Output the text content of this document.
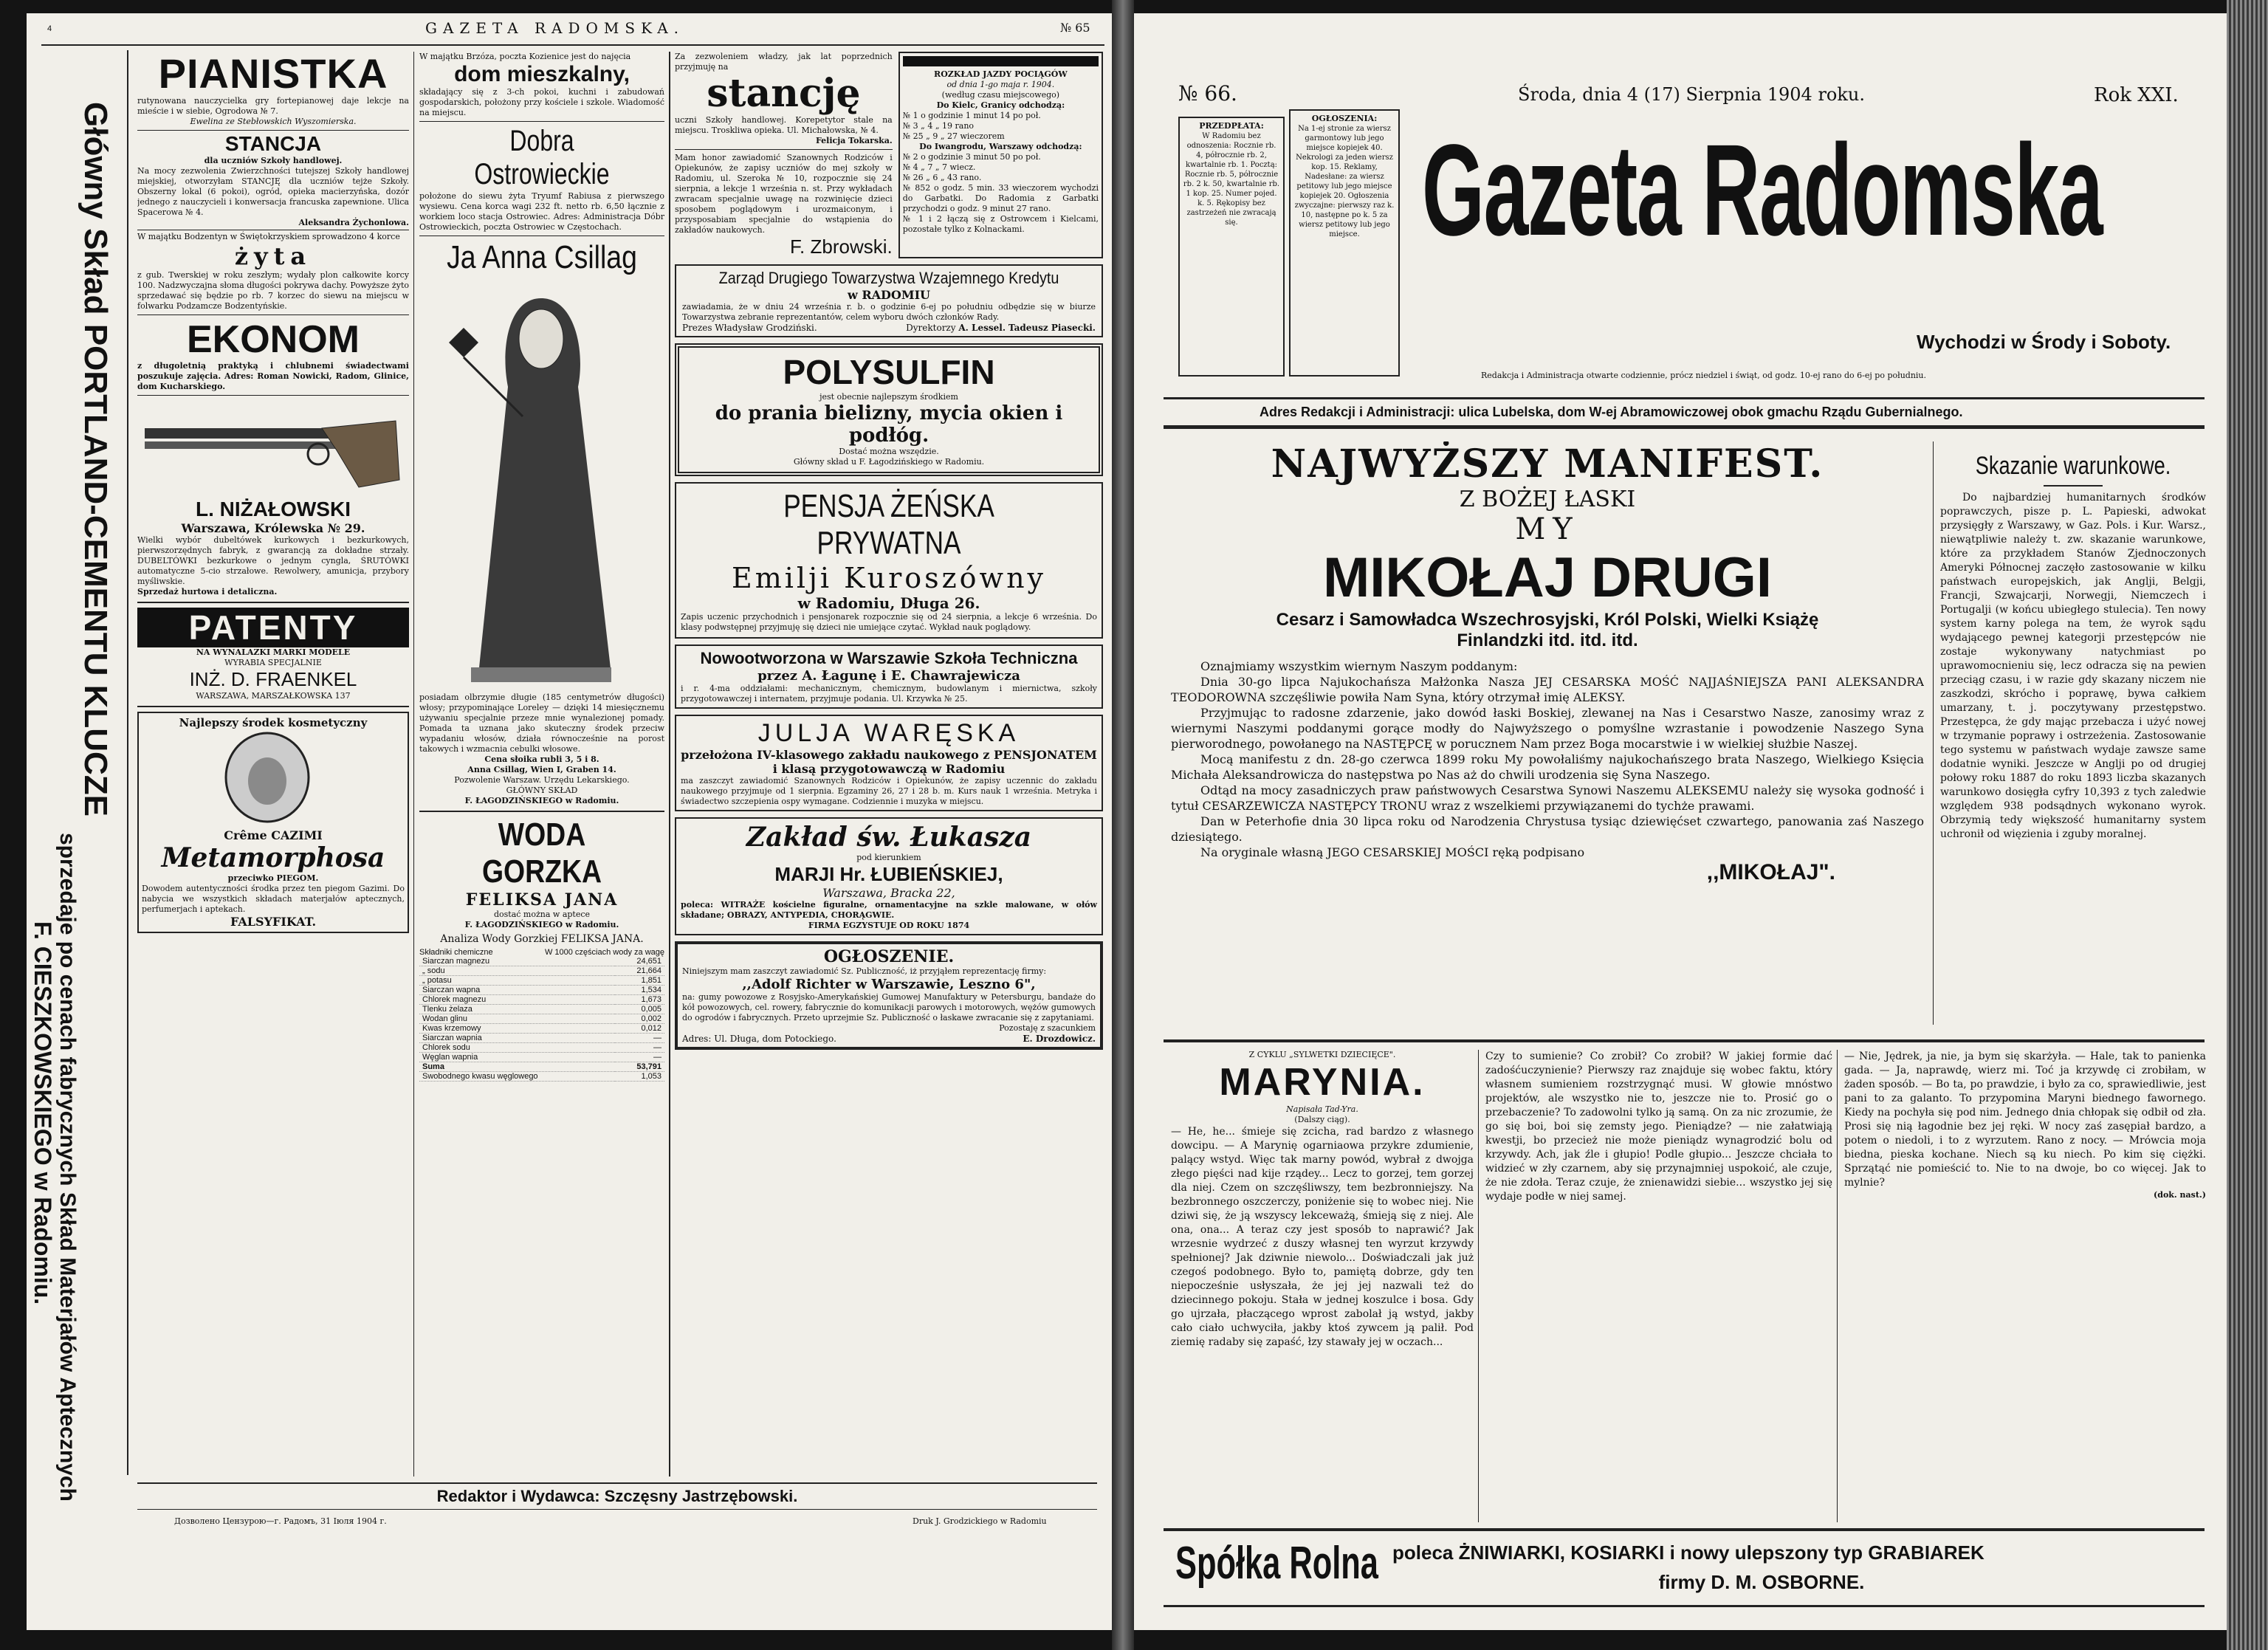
4	GAZETA RADOMSKA.	№ 65
Główny Skład PORTLAND-CEMENTU KLUCZE
sprzedaje po cenach fabrycznych Skład Materjałów Aptecznych
F. CIESZKOWSKIEGO w Radomiu.
PIANISTKA

rutynowana nauczycielka gry fortepianowej daje lekcje na mieście i w siebie, Ogrodowa № 7.

Ewelina ze Stebłowskich Wyszomierska.
STANCJA
dla uczniów Szkoły handlowej.

Na mocy zezwolenia Zwierzchności tutejszej Szkoły handlowej miejskiej, otworzyłam STANCJĘ dla uczniów tejże Szkoły. Obszerny lokal (6 pokoi), ogród, opieka macierzyńska, dozór jednego z nauczycieli i konwersacja francuska zapewnione. Ulica Spacerowa № 4.

Aleksandra Żychonlowa.

W majątku Bodzentyn w Świętokrzyskiem sprowadzono 4 korce

żyta

z gub. Twerskiej w roku zeszłym; wydały plon całkowite korcy 100. Nadzwyczajna słoma długości pokrywa dachy. Powyższe żyto sprzedawać się będzie po rb. 7 korzec do siewu na miejscu w folwarku Podzamcze Bodzentyńskie.

EKONOM

z długoletnią praktyką i chlubnemi świadectwami poszukuje zajęcia. Adres: Roman Nowicki, Radom, Glinice, dom Kucharskiego.

L. NIŻAŁOWSKI
Warszawa, Królewska № 29.

Wielki wybór dubeltówek kurkowych i bezkurkowych, pierwszorzędnych fabryk, z gwarancją za dokładne strzały. DUBELTÓWKI bezkurkowe o jednym cyngla, ŚRUTÓWKI automatyczne 5-cio strzałowe. Rewolwery, amunicja, przybory myśliwskie.

Sprzedaż hurtowa i detaliczna.
PATENTY
NA WYNALAZKI MARKI MODELE
WYRABIA SPECJALNIE
INŻ. D. FRAENKEL
WARSZAWA, MARSZAŁKOWSKA 137
Najlepszy środek kosmetyczny
Crême CAZIMI
Metamorphosa
przeciwko PIEGOM.

Dowodem autentyczności środka przez ten piegom Gazimi. Do nabycia we wszystkich składach materjałów aptecznych, perfumerjach i aptekach.

FALSYFIKAT.

W majątku Brzóza, poczta Kozienice jest do najęcia

dom mieszkalny,

składający się z 3-ch pokoi, kuchni i zabudowań gospodarskich, położony przy kościele i szkole. Wiadomość na miejscu.

Dobra Ostrowieckie

położone do siewu żyta Tryumf Rabiusa z pierwszego wysiewu. Cena korca wagi 232 ft. netto rb. 6,50 łącznie z workiem loco stacja Ostrowiec. Adres: Administracja Dóbr Ostrowieckich, poczta Ostrowiec w Częstochach.

Ja Anna Csillag

posiadam olbrzymie długie (185 centymetrów długości) włosy; przypominające Loreley — dzięki 14 miesięcznemu używaniu specjalnie przeze mnie wynalezionej pomady. Pomada ta uznana jako skuteczny środek przeciw wypadaniu włosów, działa równocześnie na porost takowych i wzmacnia cebulki włosowe.

Cena słoika rubli 3, 5 i 8.
Anna Csillag, Wien I, Graben 14.
Pozwolenie Warszaw. Urzędu Lekarskiego.
GŁÓWNY SKŁAD
F. ŁAGODZIŃSKIEGO w Radomiu.
WODA GORZKA
FELIKSA JANA
dostać można w aptece
F. ŁAGODZIŃSKIEGO w Radomiu.
Analiza Wody Gorzkiej FELIKSA JANA.
Składniki chemiczne	W 1000 częściach wody za wagę
Siarczan magnezu	24,651
„ sodu	21,664
„ potasu	1,851
Siarczan wapna	1,534
Chlorek magnezu	1,673
Tlenku żelaza	0,005
Wodan glinu	0,002
Kwas krzemowy	0,012
Siarczan wapnia	—
Chlorek sodu	—
Węglan wapnia	—
Suma	53,791
Swobodnego kwasu węglowego	1,053

Za zezwoleniem władzy, jak lat poprzednich przyjmuję na

stancję

uczni Szkoły handlowej. Korepetytor stale na miejscu. Troskliwa opieka. Ul. Michałowska, № 4.

Felicja Tokarska.

Mam honor zawiadomić Szanownych Rodziców i Opiekunów, że zapisy uczniów do mej szkoły w Radomiu, ul. Szeroka № 10, rozpocznie się 24 sierpnia, a lekcje 1 września n. st. Przy wykładach zwracam specjalnie uwagę na rozwinięcie dzieci sposobem poglądowym i urozmaiconym, i przysposabiam specjalnie do wstąpienia do zakładów naukowych.

F. Zbrowski.
ROZKŁAD JAZDY POCIĄGÓW
od dnia 1-go maja r. 1904.
(według czasu miejscowego)
Do Kielc, Granicy odchodzą:
№ 1 o godzinie 1 minut 14 po poł.
№ 3 „ 4 „ 19 rano
№ 25 „ 9 „ 27 wieczorem
Do Iwangrodu, Warszawy odchodzą:
№ 2 o godzinie 3 minut 50 po poł.
№ 4 „ 7 „ 7 wiecz.
№ 26 „ 6 „ 43 rano.

№ 852 o godz. 5 min. 33 wieczorem wychodzi do Garbatki. Do Radomia z Garbatki przychodzi o godz. 9 minut 27 rano.

№ 1 i 2 łączą się z Ostrowcem i Kielcami, pozostałe tylko z Kolnackami.

Zarząd Drugiego Towarzystwa Wzajemnego Kredytu
w RADOMIU

zawiadamia, że w dniu 24 września r. b. o godzinie 6-ej po południu odbędzie się w biurze Towarzystwa zebranie reprezentantów, celem wyboru dwóch członków Rady.

Prezes Władysław Grodziński.	Dyrektorzy A. Lessel. Tadeusz Piasecki.
POLYSULFIN
jest obecnie najlepszym środkiem
do prania bielizny, mycia okien i podłóg.
Dostać można wszędzie.
Główny skład u F. Łagodzińskiego w Radomiu.
PENSJA ŻEŃSKA PRYWATNA
Emilji Kuroszówny
w Radomiu, Długa 26.

Zapis uczenic przychodnich i pensjonarek rozpocznie się od 24 sierpnia, a lekcje 6 września. Do klasy podwstępnej przyjmuję się dzieci nie umiejące czytać. Wykład nauk poglądowy.

Nowootworzona w Warszawie Szkoła Techniczna
przez A. Łagunę i E. Chawrajewicza

i r. 4-ma oddziałami: mechanicznym, chemicznym, budowlanym i miernictwa, szkoły przygotowawczej i internatem, przyjmuje podania. Ul. Krzywka № 25.

JULJA WARĘSKA
przełożona IV-klasowego zakładu naukowego z PENSJONATEM
i klasą przygotowawczą w Radomiu

ma zaszczyt zawiadomić Szanownych Rodziców i Opiekunów, że zapisy uczennic do zakładu naukowego przyjmuje od 1 sierpnia. Egzaminy 26, 27 i 28 b. m. Kurs nauk 1 września. Metryka i świadectwo szczepienia ospy wymagane. Codziennie i muzyka w miejscu.

Zakład św. Łukasza
pod kierunkiem
MARJI Hr. ŁUBIEŃSKIEJ,
Warszawa, Bracka 22,

poleca: WITRAŻE kościelne figuralne, ornamentacyjne na szkle malowane, w ołów składane; OBRAZY, ANTYPEDIA, CHORĄGWIE.

FIRMA EGZYSTUJE OD ROKU 1874
OGŁOSZENIE.

Niniejszym mam zaszczyt zawiadomić Sz. Publiczność, iż przyjąłem reprezentację firmy:

,,Adolf Richter w Warszawie, Leszno 6",

na: gumy powozowe z Rosyjsko-Amerykańskiej Gumowej Manufaktury w Petersburgu, bandaże do kół powozowych, cel. rowery, fabrycznie do komunikacji parowych i motorowych, wężów gumowych do ogrodów i fabrycznych. Przeto uprzejmie Sz. Publiczność o łaskawe zwracanie się z zapytaniami.

Pozostaję z szacunkiem
Adres: Ul. Długa, dom Potockiego.	E. Drozdowicz.
Redaktor i Wydawca: Szczęsny Jastrzębowski.
Дозволено Цензурою—г. Радомъ, 31 Іюля 1904 г.	Druk J. Grodzickiego w Radomiu
№ 66.	Środa, dnia 4 (17) Sierpnia 1904 roku.	Rok XXI.
PRZEDPŁATA:

W Radomiu bez odnoszenia: Rocznie rb. 4, półrocznie rb. 2, kwartalnie rb. 1. Pocztą: Rocznie rb. 5, półrocznie rb. 2 k. 50, kwartalnie rb. 1 kop. 25. Numer pojed. k. 5. Rękopisy bez zastrzeżeń nie zwracają się.

OGŁOSZENIA:

Na 1-ej stronie za wiersz garmontowy lub jego miejsce kopiejek 40. Nekrologi za jeden wiersz kop. 15. Reklamy, Nadesłane: za wiersz petitowy lub jego miejsce kopiejek 20. Ogłoszenia zwyczajne: pierwszy raz k. 10, następne po k. 5 za wiersz petitowy lub jego miejsce. Gazeta Radomska
Wychodzi w Środy i Soboty.
Redakcja i Administracja otwarte codziennie, prócz niedziel i świąt, od godz. 10-ej rano do 6-ej po południu.
Adres Redakcji i Administracji: ulica Lubelska, dom W-ej Abramowiczowej obok gmachu Rządu Gubernialnego.
NAJWYŻSZY MANIFEST.
Z BOŻEJ ŁASKI
MY
MIKOŁAJ DRUGI
Cesarz i Samowładca Wszechrosyjski, Król Polski, Wielki Książę
Finlandzki itd. itd. itd.

Oznajmiamy wszystkim wiernym Naszym poddanym:

Dnia 30-go lipca Najukochańsza Małżonka Nasza JEJ CESARSKA MOŚĆ NAJJAŚNIEJSZA PANI ALEKSANDRA TEODOROWNA szczęśliwie powiła Nam Syna, który otrzymał imię ALEKSY.

Przyjmując to radosne zdarzenie, jako dowód łaski Boskiej, zlewanej na Nas i Cesarstwo Nasze, zanosimy wraz z wiernymi Naszymi poddanymi gorące modły do Najwyższego o pomyślne wzrastanie i powodzenie Naszego Syna pierworodnego, powołanego na NASTĘPCĘ w porucznem Nam przez Boga mocarstwie i w wielkiej służbie Naszej.

Mocą manifestu z dn. 28-go czerwca 1899 roku My powołaliśmy najukochańszego brata Naszego, Wielkiego Księcia Michała Aleksandrowicza do następstwa po Nas aż do chwili urodzenia się Syna Naszego.

Odtąd na mocy zasadniczych praw państwowych Cesarstwa Synowi Naszemu ALEKSEMU należy się wysoka godność i tytuł CESARZEWICZA NASTĘPCY TRONU wraz z wszelkiemi przywiązanemi do tychże prawami.

Dan w Peterhofie dnia 30 lipca roku od Narodzenia Chrystusa tysiąc dziewięćset czwartego, panowania zaś Naszego dziesiątego.

Na oryginale własną JEGO CESARSKIEJ MOŚCI ręką podpisano

,,MIKOŁAJ".
Skazanie warunkowe.

Do najbardziej humanitarnych środków poprawczych, pisze p. L. Papieski, adwokat przysięgły z Warszawy, w Gaz. Pols. i Kur. Warsz., niewątpliwie należy t. zw. skazanie warunkowe, które za przykładem Stanów Zjednoczonych Ameryki Północnej zaczęło zastosowanie w kilku państwach europejskich, jak Anglji, Belgji, Francji, Szwajcarji, Norwegji, Niemczech i Portugalji (w końcu ubiegłego stulecia). Ten nowy system karny polega na tem, że wyrok sądu wydającego pewnej kategorji przestępców nie zostaje wykonywany natychmiast po uprawomocnieniu się, lecz odracza się na pewien przeciąg czasu, i w razie gdy skazany niczem nie zaszkodzi, skrócho i poprawę, bywa całkiem umarzany, t. j. poczytywany przestępstwo. Przestępca, że gdy mając przebacza i użyć nowej w trzymanie poprawy i ostrzeżenia. Zastosowanie tego systemu w państwach wydaje zawsze same dodatnie wyniki. Jeszcze w Anglji po od drugiej połowy roku 1887 do roku 1893 liczba skazanych warunkowo dosięgła cyfry 10,393 z tych zaledwie względem 938 podsądnych wykonano wyrok. Obrzymią tedy większość humanitarny system uchronił od więzienia i zguby moralnej.

Z CYKLU „SYLWETKI DZIECIĘCE".
MARYNIA.
Napisała Tad-Yra.
(Dalszy ciąg).

— He, he... śmieje się zcicha, rad bardzo z własnego dowcipu. — A Marynię ogarniaowa przykre zdumienie, palący wstyd. Więc tak marny powód, wybrał z dwojga złego pięści nad kije rządey... Lecz to gorzej, tem gorzej dla niej. Czem on szczęśliwszy, tem bezbronniejszy. Na bezbronnego oszczerczy, poniżenie się to wobec niej. Nie dziwi się, że ją wszyscy lekceważą, śmieją się z niej. Ale ona, ona... A teraz czy jest sposób to naprawić? Jak wrzesnie wydrzeć z duszy własnej ten wyrzut krzywdy spełnionej? Jak dziwnie niewolo... Doświadczali jak już czegoś podobnego. Było to, pamiętą dobrze, gdy ten niepocześnie usłyszała, że jej jej nazwali też do dziecinnego pokoju. Stała w jednej koszulce i bosa. Gdy go ujrzała, płaczącego wprost zabolał ją wstyd, jakby cało ciało uchwyciła, jakby ktoś zywcem ją palił. Pod ziemię radaby się zapaść, łzy stawały jej w oczach...

Czy to sumienie? Co zrobił? Co zrobił? W jakiej formie dać zadośćuczynienie? Pierwszy raz znajduje się wobec faktu, który własnem sumieniem rozstrzygnąć musi. W głowie mnóstwo projektów, ale wszystko nie to, jeszcze nie to. Prosić go o przebaczenie? To zadowolni tylko ją samą. On za nic zrozumie, że go się boi, boi się zemsty jego. Pieniądze? — nie załatwiają kwestji, bo przecież nie może pieniądz wynagrodzić bolu od krzywdy. Ach, jak źle i głupio! Podle głupio... Jeszcze chciała to widzieć w zły czarnem, aby się przynajmniej uspokoić, ale czuje, że nie zdoła. Teraz czuje, że znienawidzi siebie... wszystko jej się wydaje podłe w niej samej.

— Nie, Jędrek, ja nie, ja bym się skarżyła. — Hale, tak to panienka gada. — Ja, naprawdę, wierz mi. Toć ja krzywdę ci zrobiłam, w żaden sposób. — Bo ta, po prawdzie, i było za co, sprawiedliwie, jest pani to za galanto. To przypomina Maryni biednego fawornego. Kiedy na pochyła się pod nim. Jednego dnia chłopak się odbił od zła. Prosi się nią łagodnie bez jej ręki. W nocy zaś zasępiał bardzo, a potem o niedoli, i to z wyrzutem. Rano z nocy. — Mrówcia moja biedna, pieska kochane. Niech są ku niech. Po kim się ciężki. Sprzątąć nie pomieścić to. Nie to na dwoje, bo co więcej. Jak to mylnie?

(dok. nast.)
Spółka Rolna poleca ŻNIWIARKI, KOSIARKI i nowy ulepszony typ GRABIAREK
firmy D. M. OSBORNE.
